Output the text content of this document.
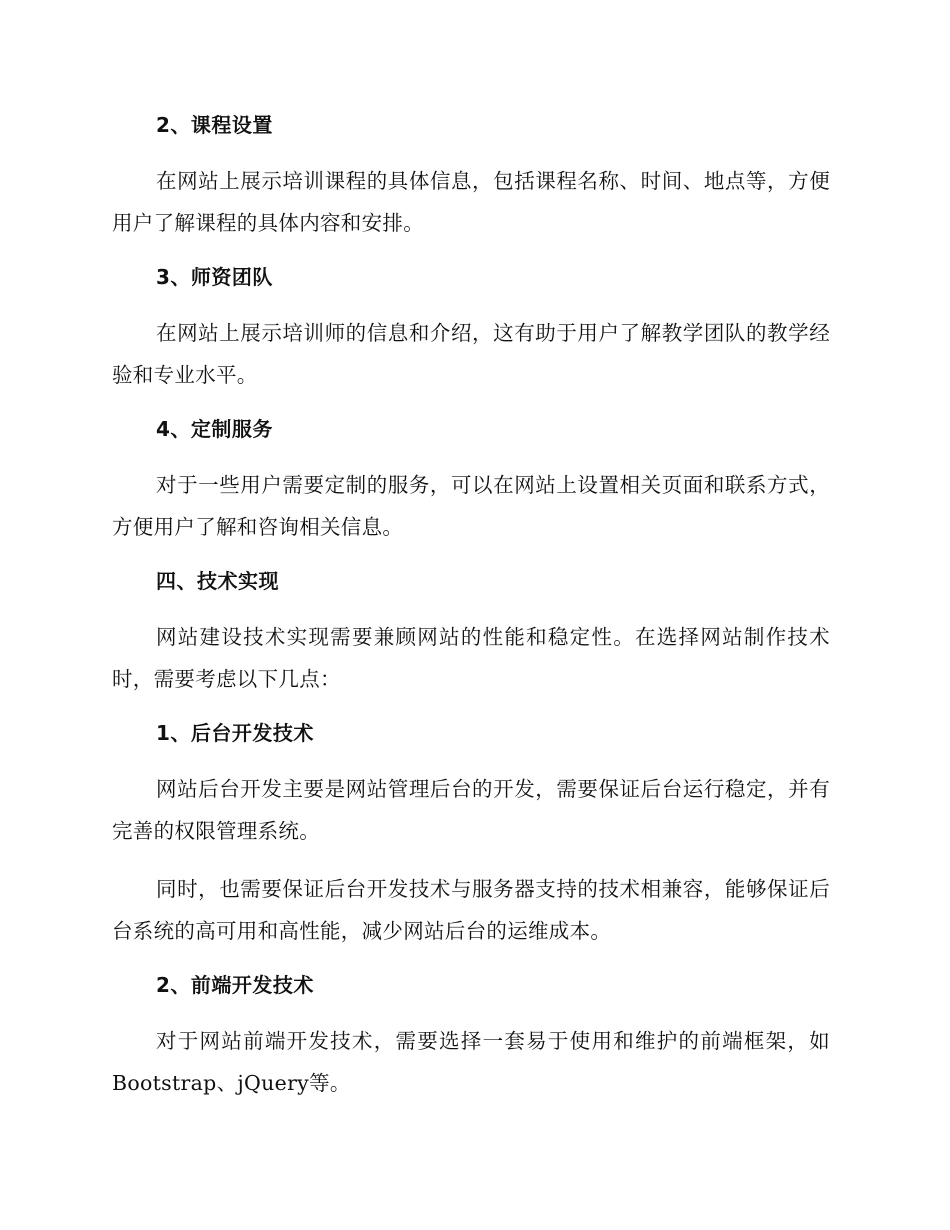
2、课程设置

在网站上展示培训课程的具体信息，包括课程名称、时间、地点等，方便用户了解课程的具体内容和安排。

3、师资团队

在网站上展示培训师的信息和介绍，这有助于用户了解教学团队的教学经验和专业水平。

4、定制服务

对于一些用户需要定制的服务，可以在网站上设置相关页面和联系方式，方便用户了解和咨询相关信息。

四、技术实现

网站建设技术实现需要兼顾网站的性能和稳定性。在选择网站制作技术时，需要考虑以下几点：

1、后台开发技术

网站后台开发主要是网站管理后台的开发，需要保证后台运行稳定，并有完善的权限管理系统。

同时，也需要保证后台开发技术与服务器支持的技术相兼容，能够保证后台系统的高可用和高性能，减少网站后台的运维成本。

2、前端开发技术

对于网站前端开发技术，需要选择一套易于使用和维护的前端框架，如Bootstrap、jQuery等。
